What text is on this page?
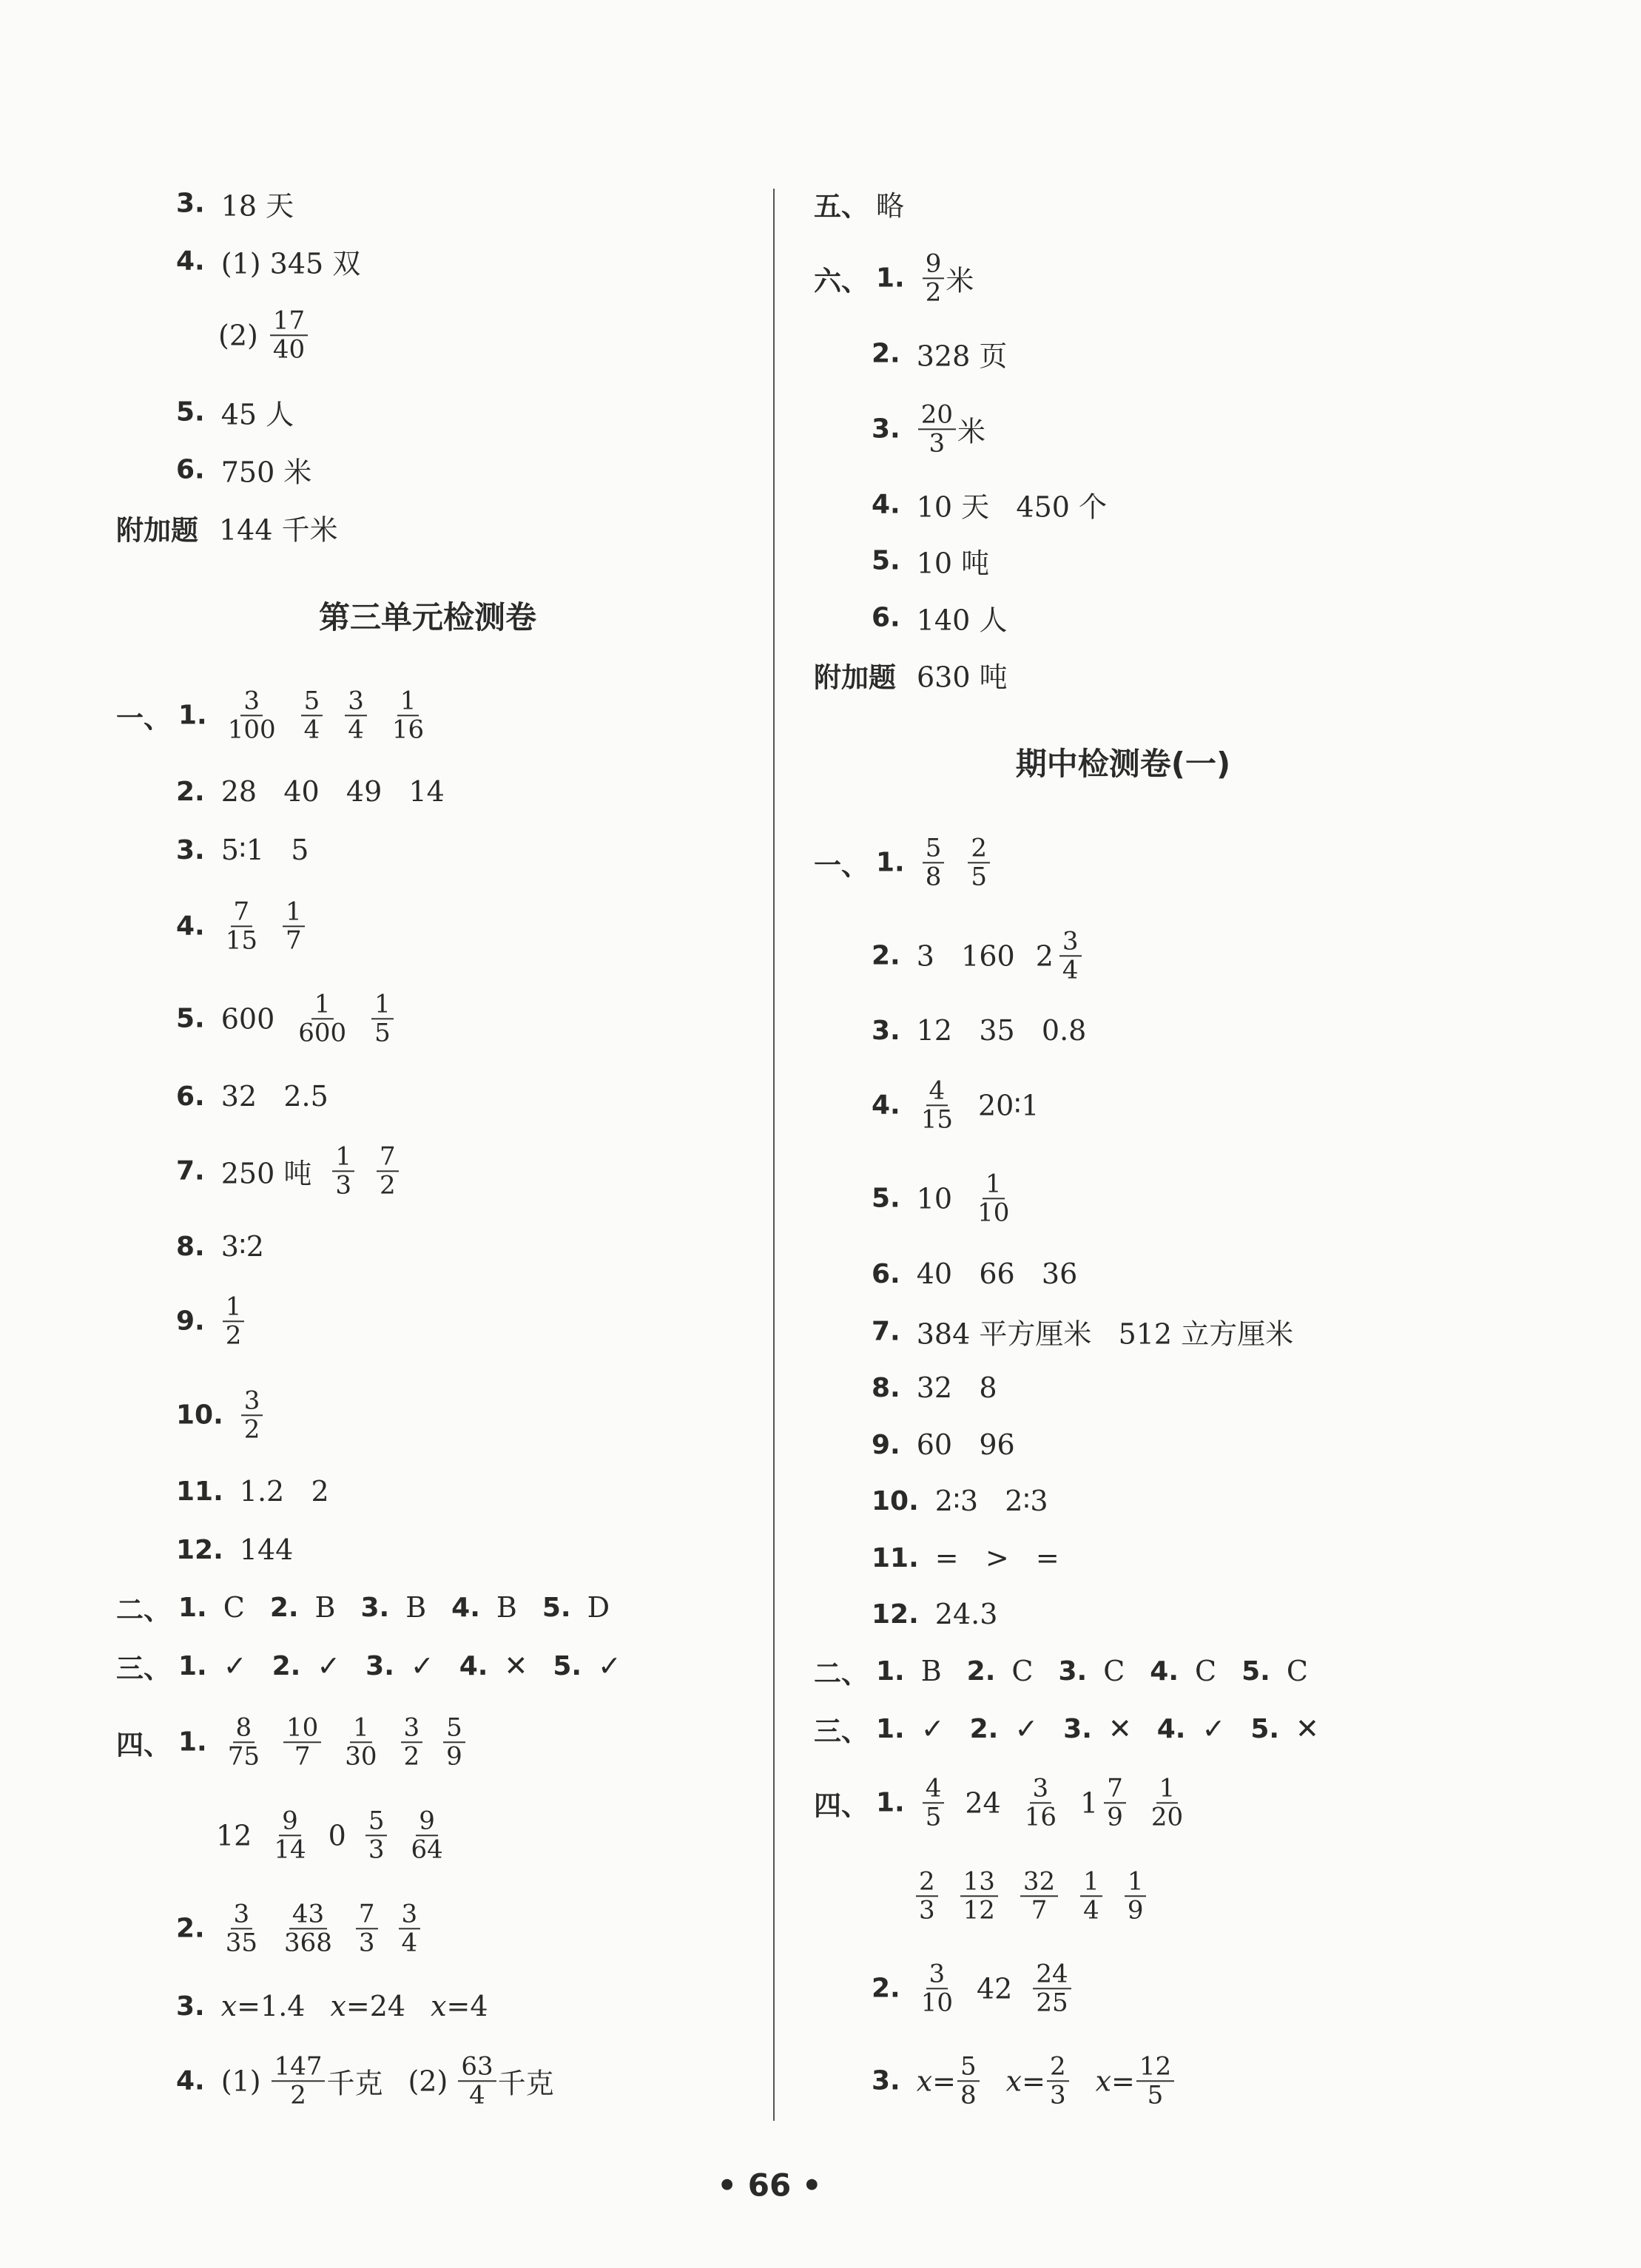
3. 18 天
4. (1) 345 双
$(2) \frac{17}{40}$
5. 45 人
6. 750 米
附加题 144 千米
第三单元检测卷
一、 1. $\frac{3}{100} \frac{5}{4} \frac{3}{4} \frac{1}{16}$
2. 28   40   49   14
3. 5∶1   5
4. $\frac{7}{15} \frac{1}{7}$
5. $600 \frac{1}{600} \frac{1}{5}$
6. 32   2.5
7. 250 吨 $\frac{1}{3} \frac{7}{2}$
8. 3∶2
9. $\frac{1}{2}$
10. $\frac{3}{2}$
11. 1.2   2
12. 144
二、 1. C 2. B 3. B 4. B 5. D
三、 1. ✓ 2. ✓ 3. ✓ 4. ✕ 5. ✓
四、 1. $\frac{8}{75} \frac{10}{7} \frac{1}{30} \frac{3}{2} \frac{5}{9}$
$12 \frac{9}{14} 0 \frac{5}{3} \frac{9}{64}$
2. $\frac{3}{35} \frac{43}{368} \frac{7}{3} \frac{3}{4}$
3. x =1.4 x =24 x =4
4. $(1) \frac{147}{2}$ 千克 $(2) \frac{63}{4}$ 千克
五、 略
六、 1. $\frac{9}{2}$ 米
2. 328 页
3. $\frac{20}{3}$ 米
4. 10 天   450 个
5. 10 吨
6. 140 人
附加题 630 吨
期中检测卷(一)
一、 1. $\frac{5}{8} \frac{2}{5}$
2. 3   160 $2 \frac{3}{4}$
3. 12   35   0.8
4. $\frac{4}{15}$ 20∶1
5. $10 \frac{1}{10}$
6. 40   66   36
7. 384 平方厘米   512 立方厘米
8. 32   8
9. 60   96
10. 2∶3   2∶3
11. =   >   =
12. 24.3
二、 1. B 2. C 3. C 4. C 5. C
三、 1. ✓ 2. ✓ 3. ✕ 4. ✓ 5. ✕
四、 1. $\frac{4}{5} 24 \frac{3}{16} 1 \frac{7}{9} \frac{1}{20}$
$\frac{2}{3} \frac{13}{12} \frac{32}{7} \frac{1}{4} \frac{1}{9}$
2. $\frac{3}{10} 42 \frac{24}{25}$
3. $x = \frac{5}{8}$ $x = \frac{2}{3}$ $x = \frac{12}{5}$
• 66 •
